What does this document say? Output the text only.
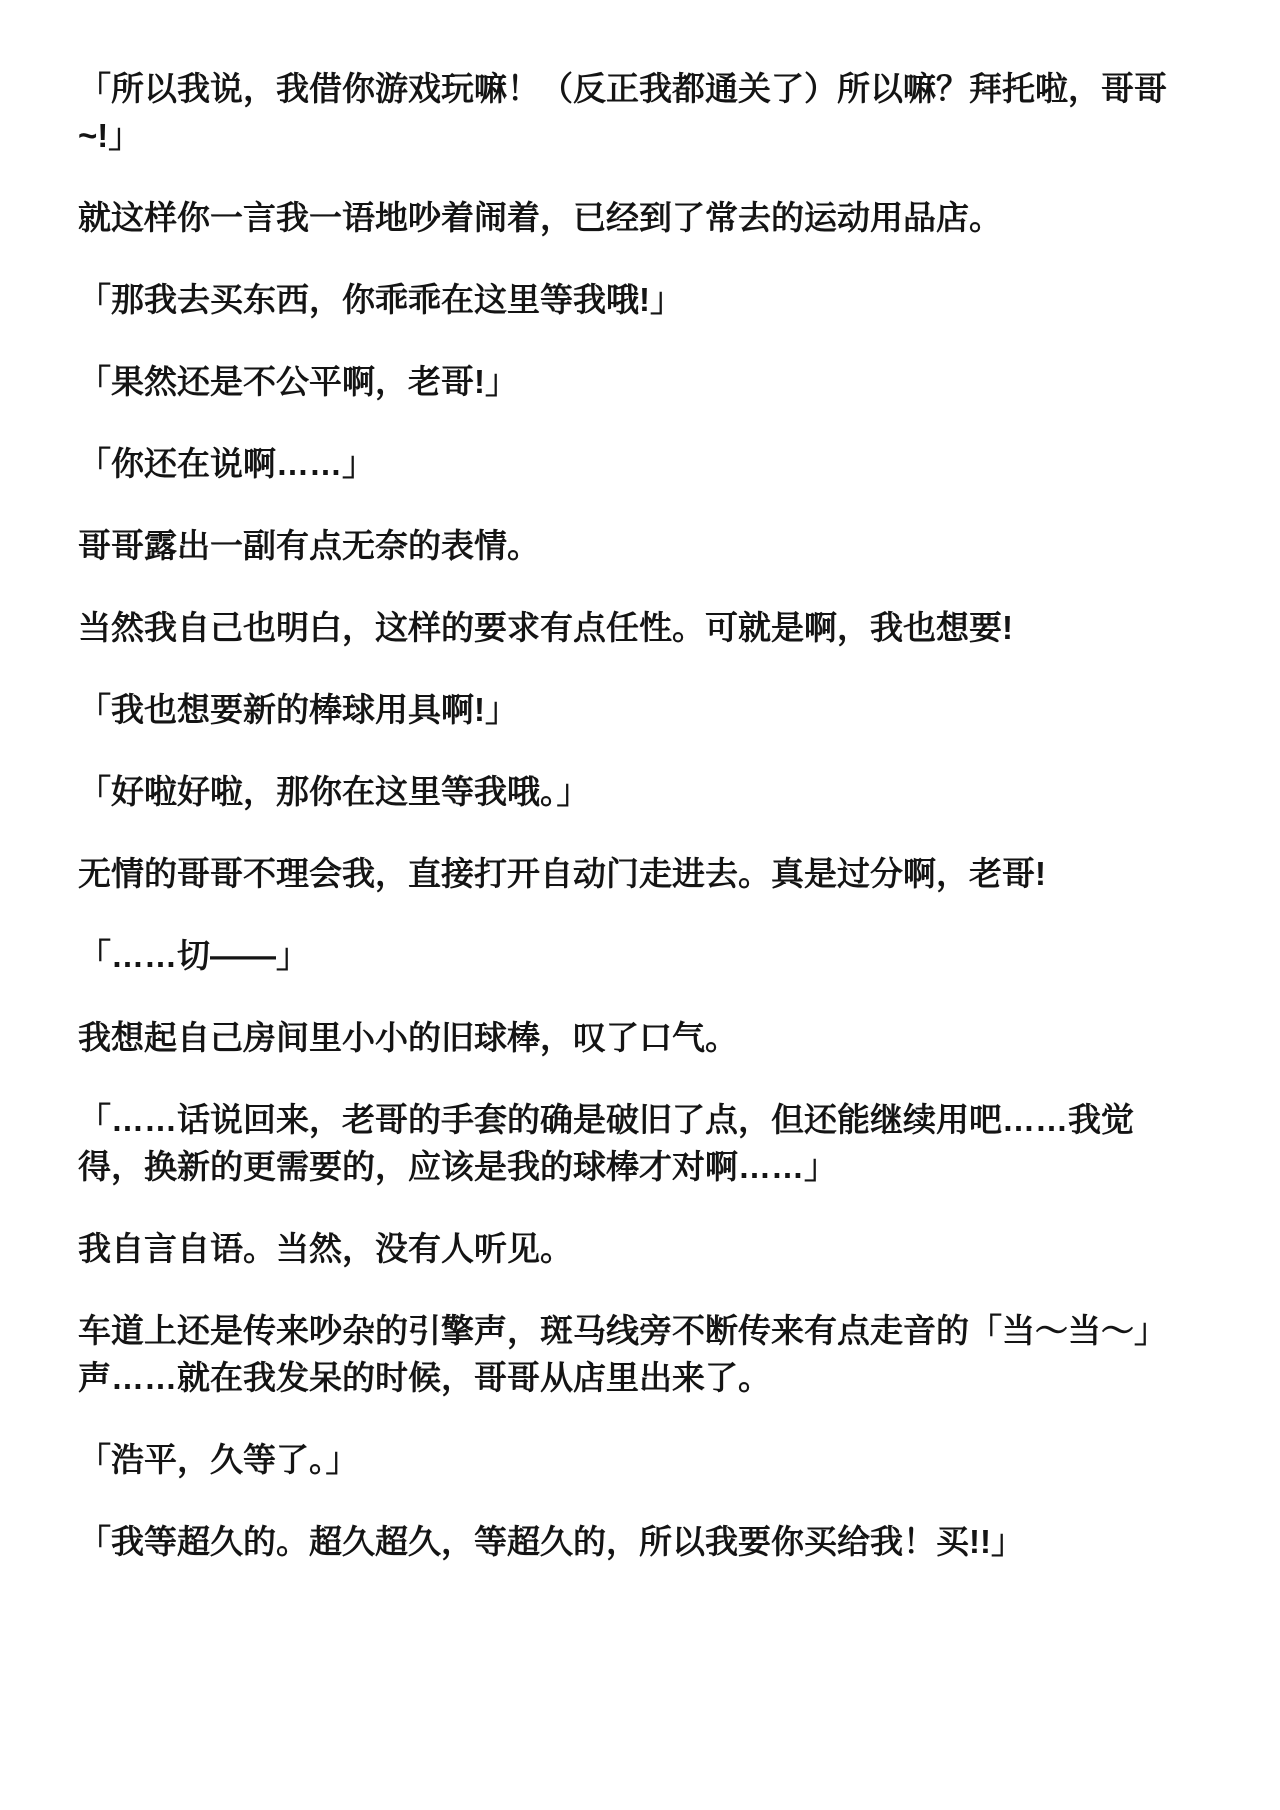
「所以我说，我借你游戏玩嘛！（反正我都通关了）所以嘛？拜托啦，哥哥~!」

就这样你一言我一语地吵着闹着，已经到了常去的运动用品店。

「那我去买东西，你乖乖在这里等我哦!」

「果然还是不公平啊，老哥!」

「你还在说啊……」

哥哥露出一副有点无奈的表情。

当然我自己也明白，这样的要求有点任性。可就是啊，我也想要!

「我也想要新的棒球用具啊!」

「好啦好啦，那你在这里等我哦。」

无情的哥哥不理会我，直接打开自动门走进去。真是过分啊，老哥!

「……切——」

我想起自己房间里小小的旧球棒，叹了口气。

「……话说回来，老哥的手套的确是破旧了点，但还能继续用吧……我觉得，换新的更需要的，应该是我的球棒才对啊……」

我自言自语。当然，没有人听见。

车道上还是传来吵杂的引擎声，斑马线旁不断传来有点走音的「当～当～」声……就在我发呆的时候，哥哥从店里出来了。

「浩平，久等了。」

「我等超久的。超久超久，等超久的，所以我要你买给我！买!!」
